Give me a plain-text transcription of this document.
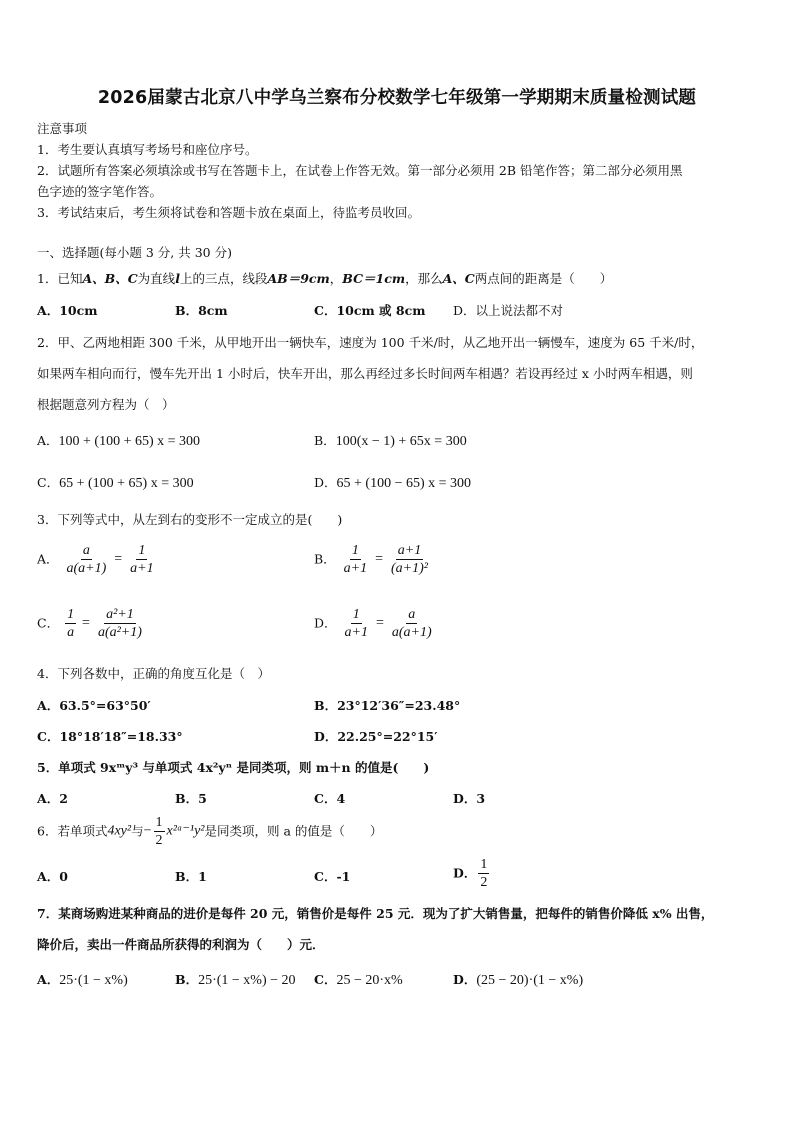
2026届蒙古北京八中学乌兰察布分校数学七年级第一学期期末质量检测试题
注意事项
1．考生要认真填写考场号和座位序号。
2．试题所有答案必须填涂或书写在答题卡上，在试卷上作答无效。第一部分必须用 2B 铅笔作答；第二部分必须用黑
色字迹的签字笔作答。
3．考试结束后，考生须将试卷和答题卡放在桌面上，待监考员收回。
一、选择题(每小题 3 分, 共 30 分)
1．已知A、B、C为直线l上的三点，线段AB＝9cm，BC＝1cm，那么A、C两点间的距离是（　　）
A．10cm	B．8cm	C．10cm 或 8cm D．以上说法都不对
2．甲、乙两地相距 300 千米，从甲地开出一辆快车，速度为 100 千米/时，从乙地开出一辆慢车，速度为 65 千米/时，
如果两车相向而行，慢车先开出 1 小时后，快车开出，那么再经过多长时间两车相遇？若设再经过 x 小时两车相遇，则
根据题意列方程为（　）
A．100 + (100 + 65) x = 300	B．100(x − 1) + 65x = 300
C．65 + (100 + 65) x = 300	D．65 + (100 − 65) x = 300
3．下列等式中，从左到右的变形不一定成立的是(　　)
A． $\frac{a}{a(a+1)} = \frac{1}{a+1}$	B． $\frac{1}{a+1} = \frac{a+1}{\text{(a+1)²}}$
C． $\frac{1}{a} = \frac{\text{a²+1}}{\text{a(a²+1)}}$	D． $\frac{1}{a+1} = \frac{a}{a(a+1)}$
4．下列各数中，正确的角度互化是（　）
A．63.5°=63°50′	B．23°12′36″=23.48°
C．18°18′18″=18.33°	D．22.25°=22°15′
5．单项式 9xᵐy³ 与单项式 4x²yⁿ 是同类项，则 m＋n 的值是(　　)
A．2	B．5	C．4	D．3
6．若单项式4xy²与− $\frac{1}{2}$ x²ᵃ⁻¹y²是同类项，则 a 的值是（　　）
A．0	B．1	C．-1	D． $\frac{1}{2}$
7．某商场购进某种商品的进价是每件 20 元，销售价是每件 25 元．现为了扩大销售量，把每件的销售价降低 x% 出售，
降价后，卖出一件商品所获得的利润为（　　）元．
A．25·(1 − x%)	B．25·(1 − x%) − 20 C．25 − 20·x%	D．(25 − 20)·(1 − x%)
